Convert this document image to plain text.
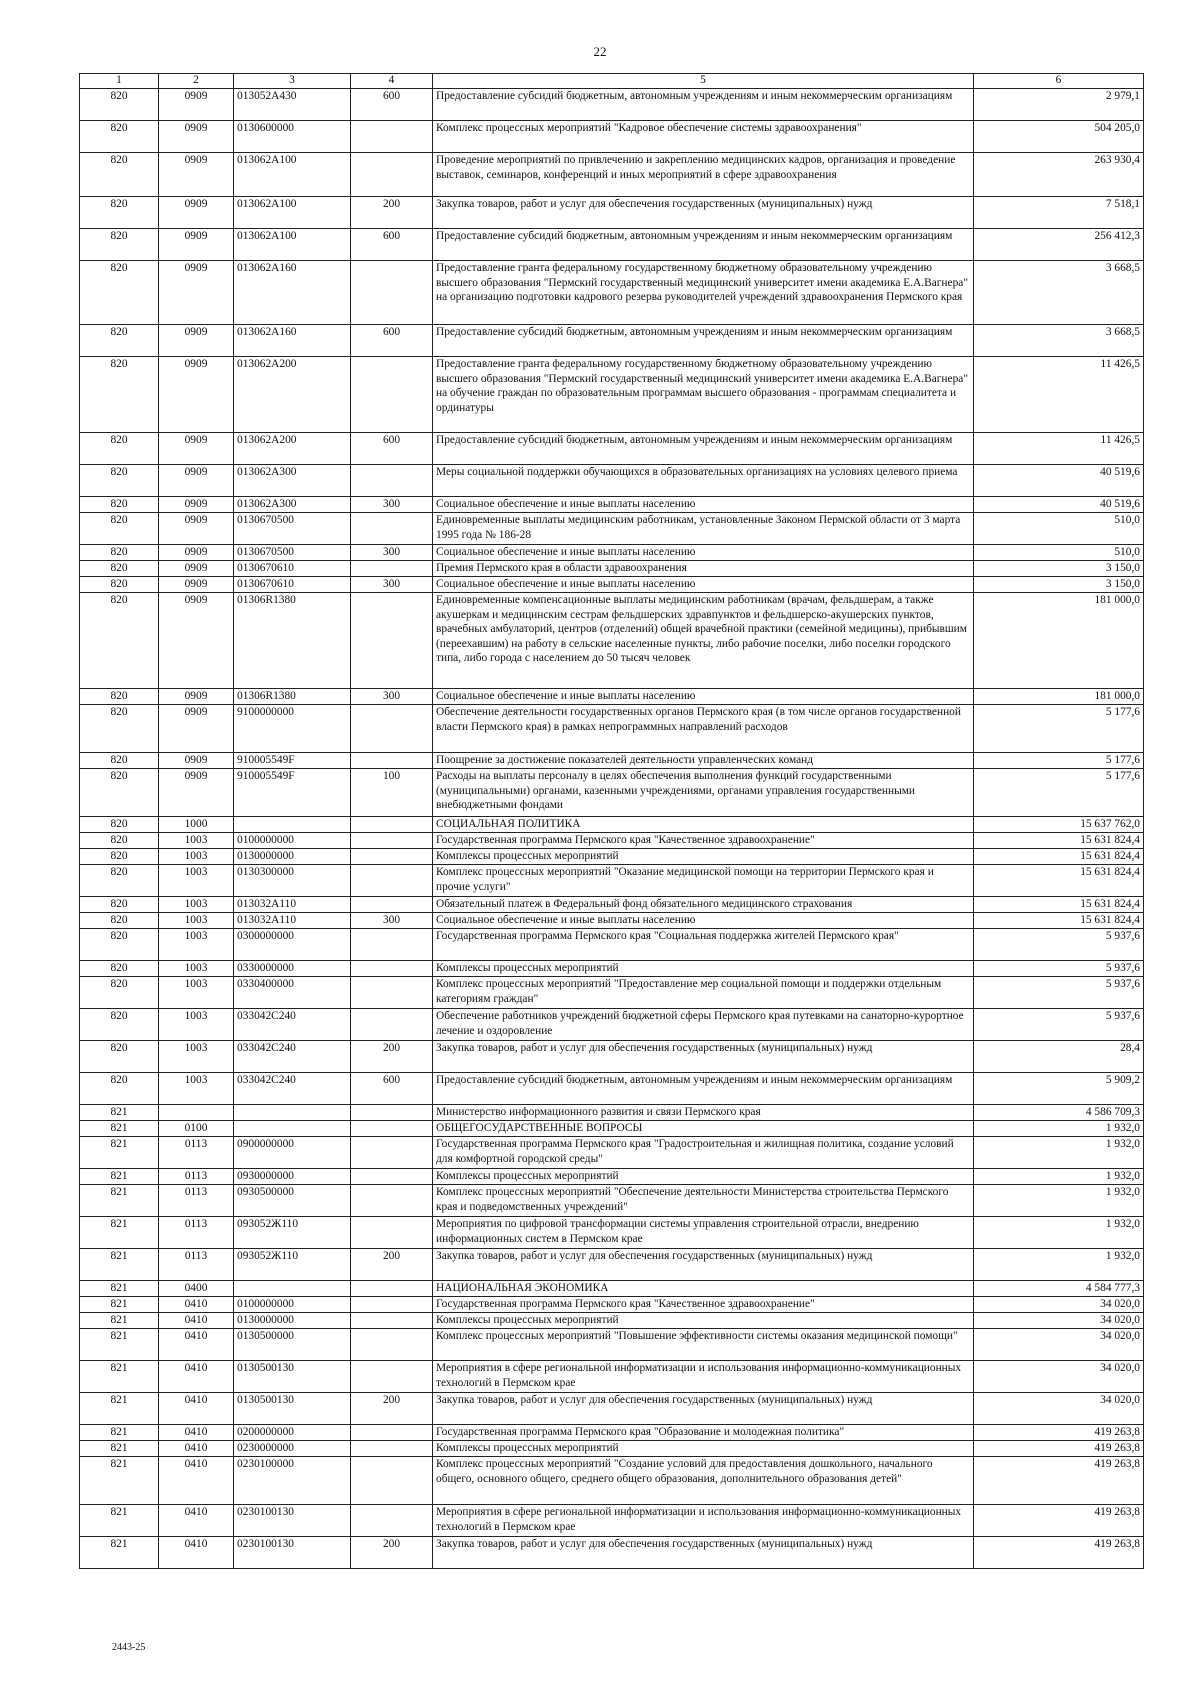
22
1	2	3	4	5	6
820	0909	013052А430	600	Предоставление субсидий бюджетным, автономным учреждениям и иным некоммерческим организациям	2 979,1
820	0909	0130600000		Комплекс процессных мероприятий "Кадровое обеспечение системы здравоохранения"	504 205,0
820	0909	013062А100		Проведение мероприятий по привлечению и закреплению медицинских кадров, организация и проведение выставок, семинаров, конференций и иных мероприятий в сфере здравоохранения	263 930,4
820	0909	013062А100	200	Закупка товаров, работ и услуг для обеспечения государственных (муниципальных) нужд	7 518,1
820	0909	013062А100	600	Предоставление субсидий бюджетным, автономным учреждениям и иным некоммерческим организациям	256 412,3
820	0909	013062А160		Предоставление гранта федеральному государственному бюджетному образовательному учреждению высшего образования "Пермский государственный медицинский университет имени академика Е.А.Вагнера" на организацию подготовки кадрового резерва руководителей учреждений здравоохранения Пермского края	3 668,5
820	0909	013062А160	600	Предоставление субсидий бюджетным, автономным учреждениям и иным некоммерческим организациям	3 668,5
820	0909	013062А200		Предоставление гранта федеральному государственному бюджетному образовательному учреждению высшего образования "Пермский государственный медицинский университет имени академика Е.А.Вагнера" на обучение граждан по образовательным программам высшего образования - программам специалитета и ординатуры	11 426,5
820	0909	013062А200	600	Предоставление субсидий бюджетным, автономным учреждениям и иным некоммерческим организациям	11 426,5
820	0909	013062А300		Меры социальной поддержки обучающихся в образовательных организациях на условиях целевого приема	40 519,6
820	0909	013062А300	300	Социальное обеспечение и иные выплаты населению	40 519,6
820	0909	0130670500		Единовременные выплаты медицинским работникам, установленные Законом Пермской области от 3 марта 1995 года № 186-28	510,0
820	0909	0130670500	300	Социальное обеспечение и иные выплаты населению	510,0
820	0909	0130670610		Премия Пермского края в области здравоохранения	3 150,0
820	0909	0130670610	300	Социальное обеспечение и иные выплаты населению	3 150,0
820	0909	01306R1380		Единовременные компенсационные выплаты медицинским работникам (врачам, фельдшерам, а также акушеркам и медицинским сестрам фельдшерских здравпунктов и фельдшерско-акушерских пунктов, врачебных амбулаторий, центров (отделений) общей врачебной практики (семейной медицины), прибывшим (переехавшим) на работу в сельские населенные пункты, либо рабочие поселки, либо поселки городского типа, либо города с населением до 50 тысяч человек	181 000,0
820	0909	01306R1380	300	Социальное обеспечение и иные выплаты населению	181 000,0
820	0909	9100000000		Обеспечение деятельности государственных органов Пермского края (в том числе органов государственной власти Пермского края) в рамках непрограммных направлений расходов	5 177,6
820	0909	910005549F		Поощрение за достижение показателей деятельности управленческих команд	5 177,6
820	0909	910005549F	100	Расходы на выплаты персоналу в целях обеспечения выполнения функций государственными (муниципальными) органами, казенными учреждениями, органами управления государственными внебюджетными фондами	5 177,6
820	1000			СОЦИАЛЬНАЯ ПОЛИТИКА	15 637 762,0
820	1003	0100000000		Государственная программа Пермского края "Качественное здравоохранение"	15 631 824,4
820	1003	0130000000		Комплексы процессных мероприятий	15 631 824,4
820	1003	0130300000		Комплекс процессных мероприятий "Оказание медицинской помощи на территории Пермского края и прочие услуги"	15 631 824,4
820	1003	013032А110		Обязательный платеж в Федеральный фонд обязательного медицинского страхования	15 631 824,4
820	1003	013032А110	300	Социальное обеспечение и иные выплаты населению	15 631 824,4
820	1003	0300000000		Государственная программа Пермского края "Социальная поддержка жителей Пермского края"	5 937,6
820	1003	0330000000		Комплексы процессных мероприятий	5 937,6
820	1003	0330400000		Комплекс процессных мероприятий "Предоставление мер социальной помощи и поддержки отдельным категориям граждан"	5 937,6
820	1003	033042С240		Обеспечение работников учреждений бюджетной сферы Пермского края путевками на санаторно-курортное лечение и оздоровление	5 937,6
820	1003	033042С240	200	Закупка товаров, работ и услуг для обеспечения государственных (муниципальных) нужд	28,4
820	1003	033042С240	600	Предоставление субсидий бюджетным, автономным учреждениям и иным некоммерческим организациям	5 909,2
821				Министерство информационного развития и связи Пермского края	4 586 709,3
821	0100			ОБЩЕГОСУДАРСТВЕННЫЕ ВОПРОСЫ	1 932,0
821	0113	0900000000		Государственная программа Пермского края "Градостроительная и жилищная политика, создание условий для комфортной городской среды"	1 932,0
821	0113	0930000000		Комплексы процессных мероприятий	1 932,0
821	0113	0930500000		Комплекс процессных мероприятий "Обеспечение деятельности Министерства строительства Пермского края и подведомственных учреждений"	1 932,0
821	0113	093052Ж110		Мероприятия по цифровой трансформации системы управления строительной отрасли, внедрению информационных систем в Пермском крае	1 932,0
821	0113	093052Ж110	200	Закупка товаров, работ и услуг для обеспечения государственных (муниципальных) нужд	1 932,0
821	0400			НАЦИОНАЛЬНАЯ ЭКОНОМИКА	4 584 777,3
821	0410	0100000000		Государственная программа Пермского края "Качественное здравоохранение"	34 020,0
821	0410	0130000000		Комплексы процессных мероприятий	34 020,0
821	0410	0130500000		Комплекс процессных мероприятий "Повышение эффективности системы оказания медицинской помощи"	34 020,0
821	0410	0130500130		Мероприятия в сфере региональной информатизации и использования информационно-коммуникационных технологий в Пермском крае	34 020,0
821	0410	0130500130	200	Закупка товаров, работ и услуг для обеспечения государственных (муниципальных) нужд	34 020,0
821	0410	0200000000		Государственная программа Пермского края "Образование и молодежная политика"	419 263,8
821	0410	0230000000		Комплексы процессных мероприятий	419 263,8
821	0410	0230100000		Комплекс процессных мероприятий "Создание условий для предоставления дошкольного, начального общего, основного общего, среднего общего образования, дополнительного образования детей"	419 263,8
821	0410	0230100130		Мероприятия в сфере региональной информатизации и использования информационно-коммуникационных технологий в Пермском крае	419 263,8
821	0410	0230100130	200	Закупка товаров, работ и услуг для обеспечения государственных (муниципальных) нужд	419 263,8
2443-25
